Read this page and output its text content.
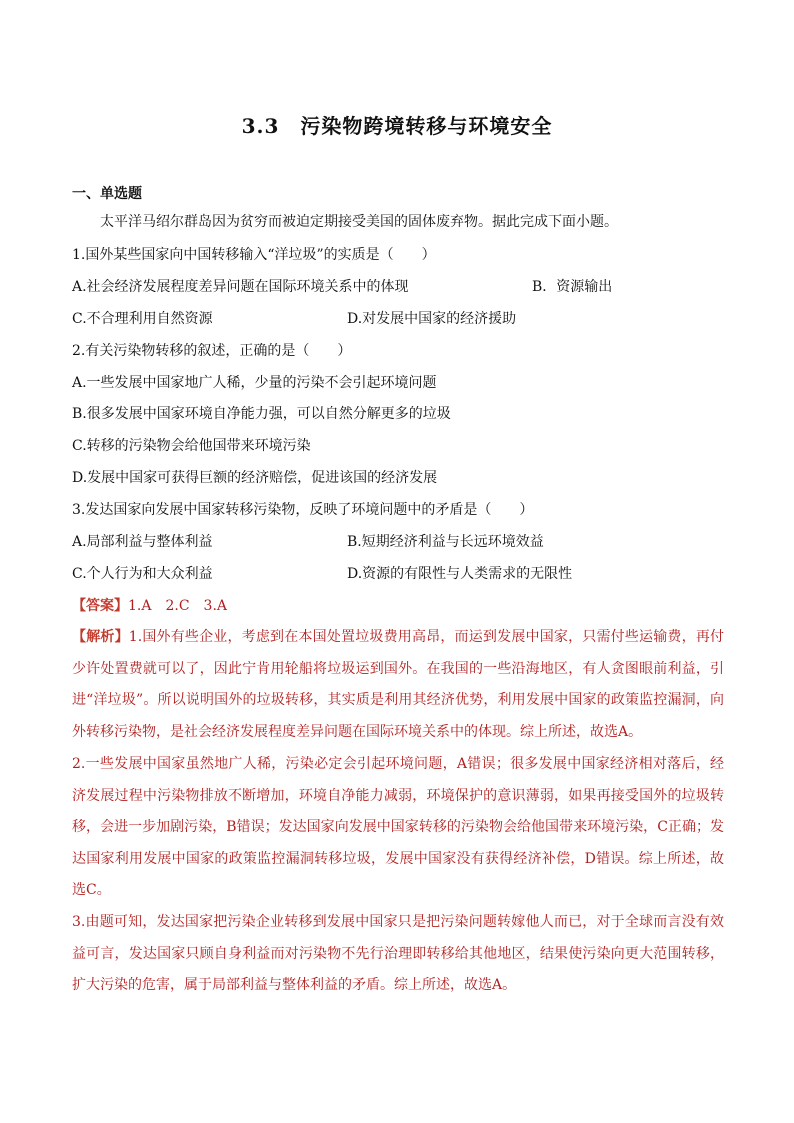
3.3　污染物跨境转移与环境安全
一、单选题
太平洋马绍尔群岛因为贫穷而被迫定期接受美国的固体废弃物。据此完成下面小题。
1.国外某些国家向中国转移输入“洋垃圾”的实质是（　　）
A.社会经济发展程度差异问题在国际环境关系中的体现	B．资源输出
C.不合理利用自然资源	D.对发展中国家的经济援助
2.有关污染物转移的叙述，正确的是（　　）
A.一些发展中国家地广人稀，少量的污染不会引起环境问题
B.很多发展中国家环境自净能力强，可以自然分解更多的垃圾
C.转移的污染物会给他国带来环境污染
D.发展中国家可获得巨额的经济赔偿，促进该国的经济发展
3.发达国家向发展中国家转移污染物，反映了环境问题中的矛盾是（　　）
A.局部利益与整体利益	B.短期经济利益与长远环境效益
C.个人行为和大众利益	D.资源的有限性与人类需求的无限性
【答案】1.A　2.C　3.A
【解析】1.国外有些企业，考虑到在本国处置垃圾费用高昂，而运到发展中国家，只需付些运输费，再付少许处置费就可以了，因此宁肯用轮船将垃圾运到国外。在我国的一些沿海地区，有人贪图眼前利益，引进“洋垃圾”。所以说明国外的垃圾转移，其实质是利用其经济优势，利用发展中国家的政策监控漏洞，向外转移污染物，是社会经济发展程度差异问题在国际环境关系中的体现。综上所述，故选A。
2.一些发展中国家虽然地广人稀，污染必定会引起环境问题，A错误；很多发展中国家经济相对落后，经济发展过程中污染物排放不断增加，环境自净能力减弱，环境保护的意识薄弱，如果再接受国外的垃圾转移，会进一步加剧污染，B错误；发达国家向发展中国家转移的污染物会给他国带来环境污染，C正确；发达国家利用发展中国家的政策监控漏洞转移垃圾，发展中国家没有获得经济补偿，D错误。综上所述，故选C。
3.由题可知，发达国家把污染企业转移到发展中国家只是把污染问题转嫁他人而已，对于全球而言没有效益可言，发达国家只顾自身利益而对污染物不先行治理即转移给其他地区，结果使污染向更大范围转移，扩大污染的危害，属于局部利益与整体利益的矛盾。综上所述，故选A。
